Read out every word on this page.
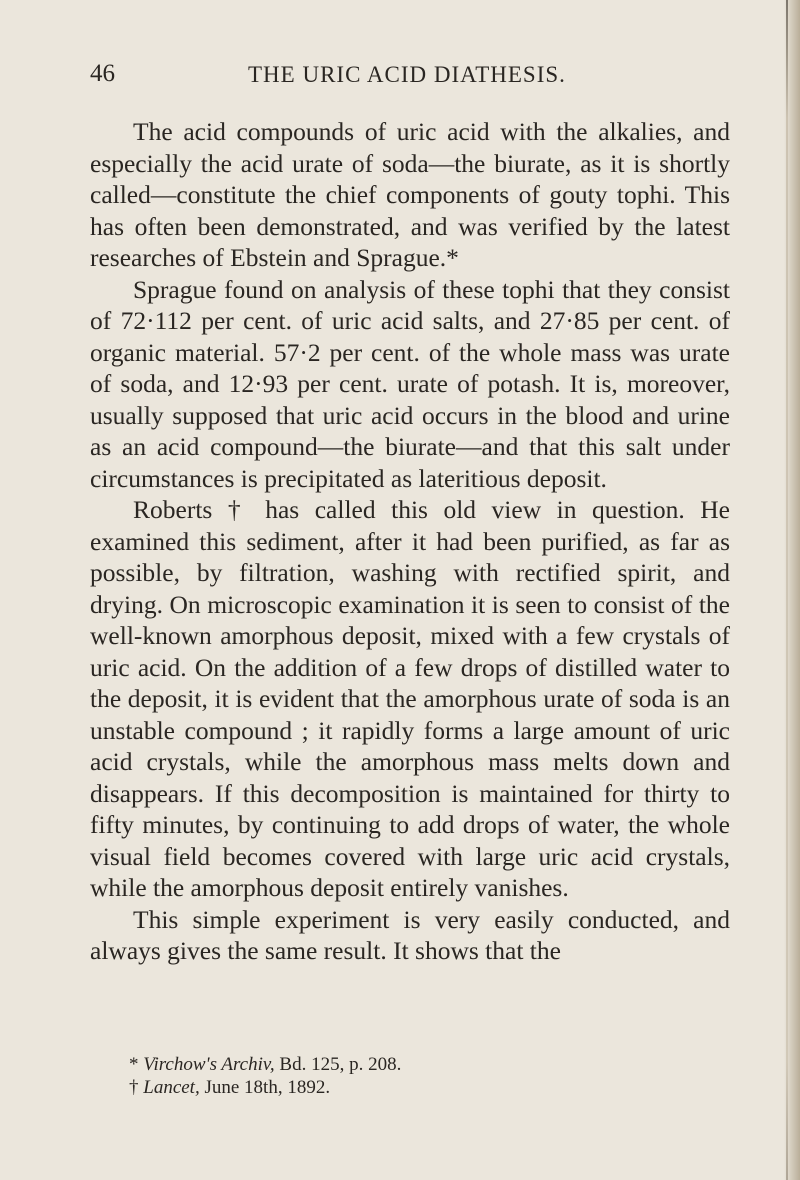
46	THE URIC ACID DIATHESIS.

The acid compounds of uric acid with the alkalies, and especially the acid urate of soda—the biurate, as it is shortly called—constitute the chief components of gouty tophi. This has often been demonstrated, and was verified by the latest researches of Ebstein and Sprague.*

Sprague found on analysis of these tophi that they consist of 72·112 per cent. of uric acid salts, and 27·85 per cent. of organic material. 57·2 per cent. of the whole mass was urate of soda, and 12·93 per cent. urate of potash. It is, moreover, usually supposed that uric acid occurs in the blood and urine as an acid compound—the biurate—and that this salt under circumstances is precipitated as lateritious deposit.

Roberts † has called this old view in question. He examined this sediment, after it had been purified, as far as possible, by filtration, washing with rectified spirit, and drying. On microscopic examination it is seen to consist of the well-known amorphous deposit, mixed with a few crystals of uric acid. On the addition of a few drops of distilled water to the deposit, it is evident that the amorphous urate of soda is an unstable compound ; it rapidly forms a large amount of uric acid crystals, while the amorphous mass melts down and disappears. If this decomposition is maintained for thirty to fifty minutes, by continuing to add drops of water, the whole visual field becomes covered with large uric acid crystals, while the amorphous deposit entirely vanishes.

This simple experiment is very easily conducted, and always gives the same result. It shows that the

* Virchow's Archiv, Bd. 125, p. 208.

† Lancet, June 18th, 1892.
